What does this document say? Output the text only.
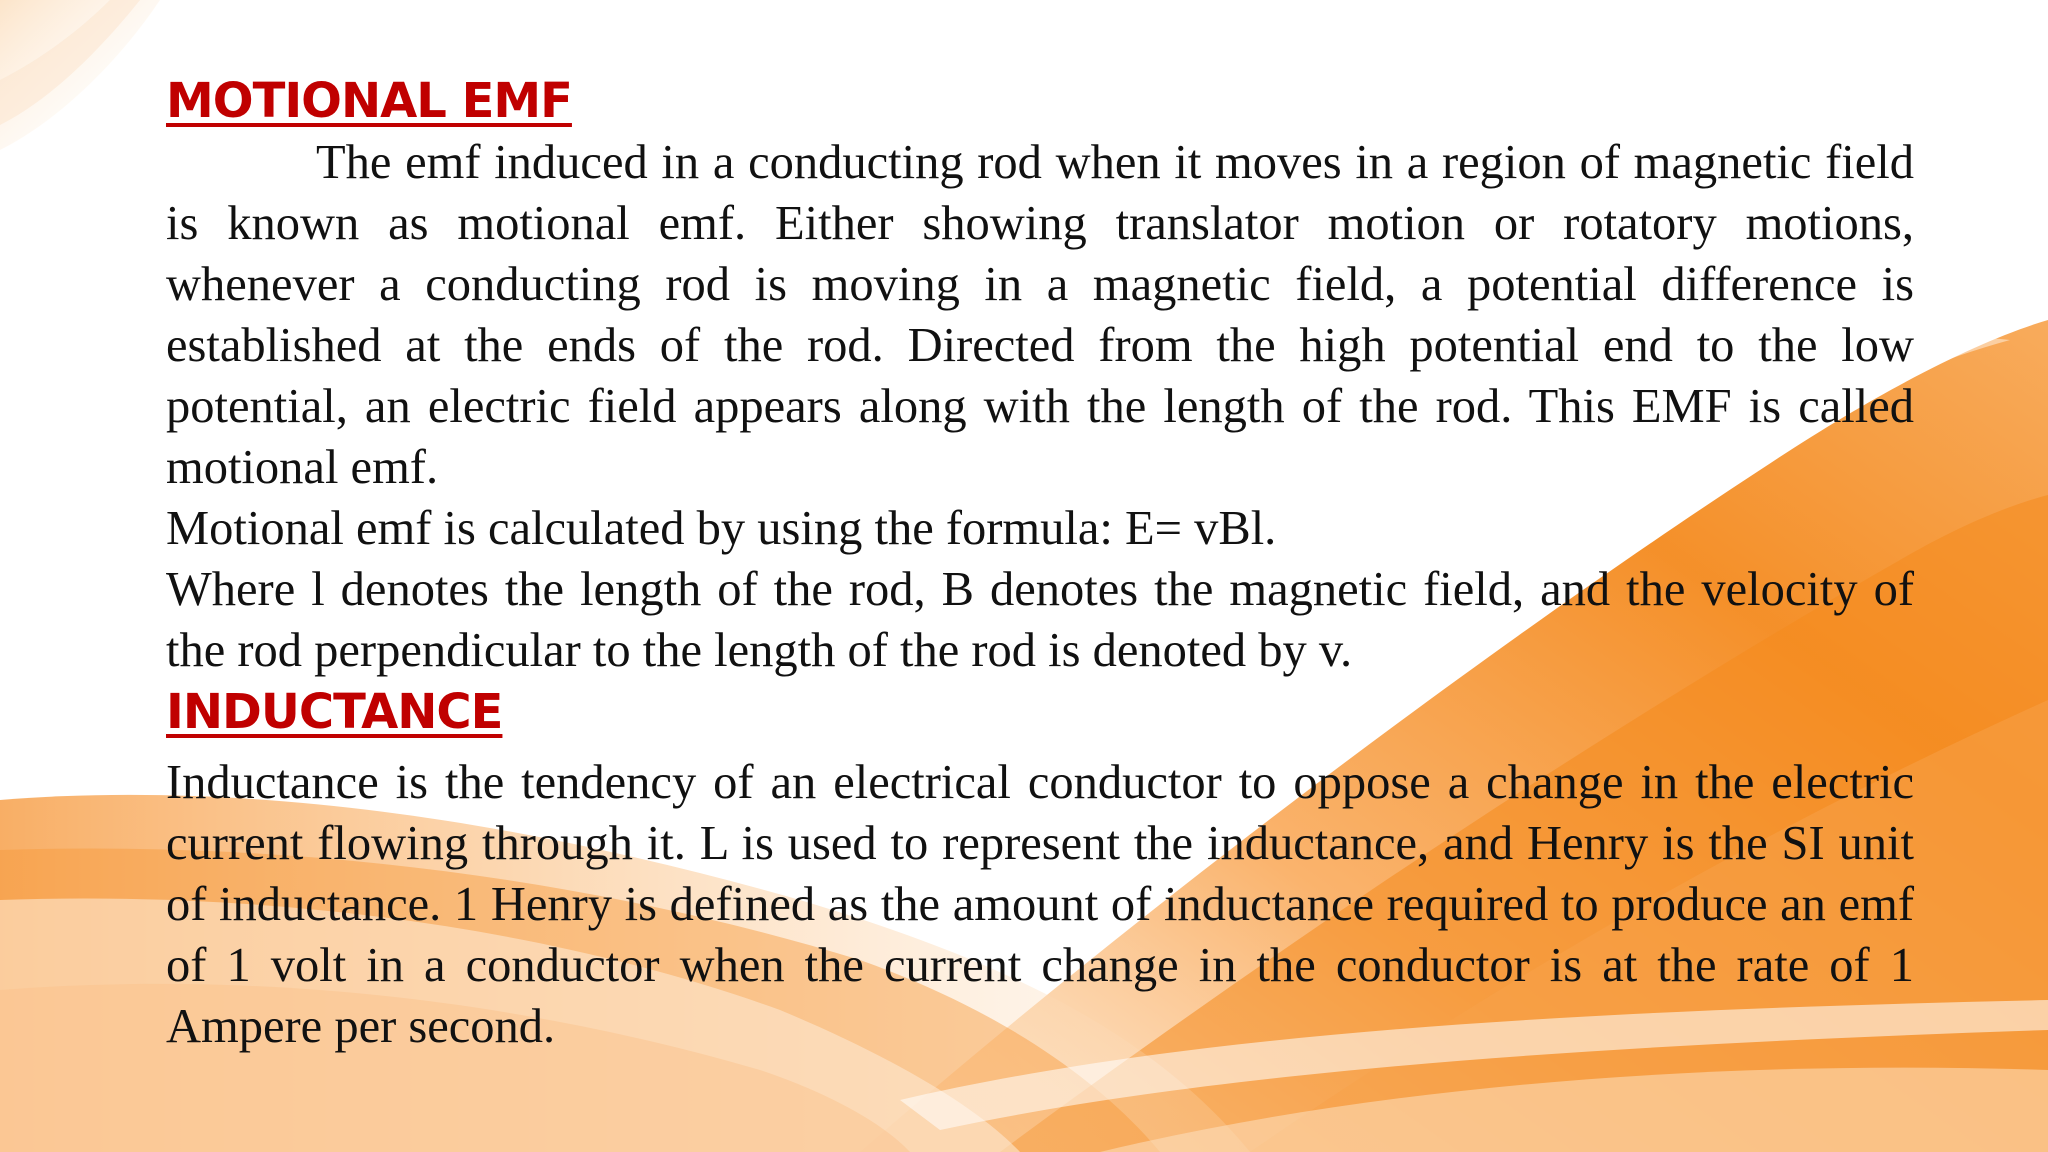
MOTIONAL EMF

The emf induced in a conducting rod when it moves in a region of magnetic field is known as motional emf. Either showing translator motion or rotatory motions, whenever a conducting rod is moving in a magnetic field, a potential difference is established at the ends of the rod. Directed from the high potential end to the low potential, an electric field appears along with the length of the rod. This EMF is called motional emf.

Motional emf is calculated by using the formula: E= vBl.

Where l denotes the length of the rod, B denotes the magnetic field, and the velocity of the rod perpendicular to the length of the rod is denoted by v.

INDUCTANCE

Inductance is the tendency of an electrical conductor to oppose a change in the electric current flowing through it. L is used to represent the inductance, and Henry is the SI unit of inductance. 1 Henry is defined as the amount of inductance required to produce an emf of 1 volt in a conductor when the current change in the conductor is at the rate of 1 Ampere per second.
